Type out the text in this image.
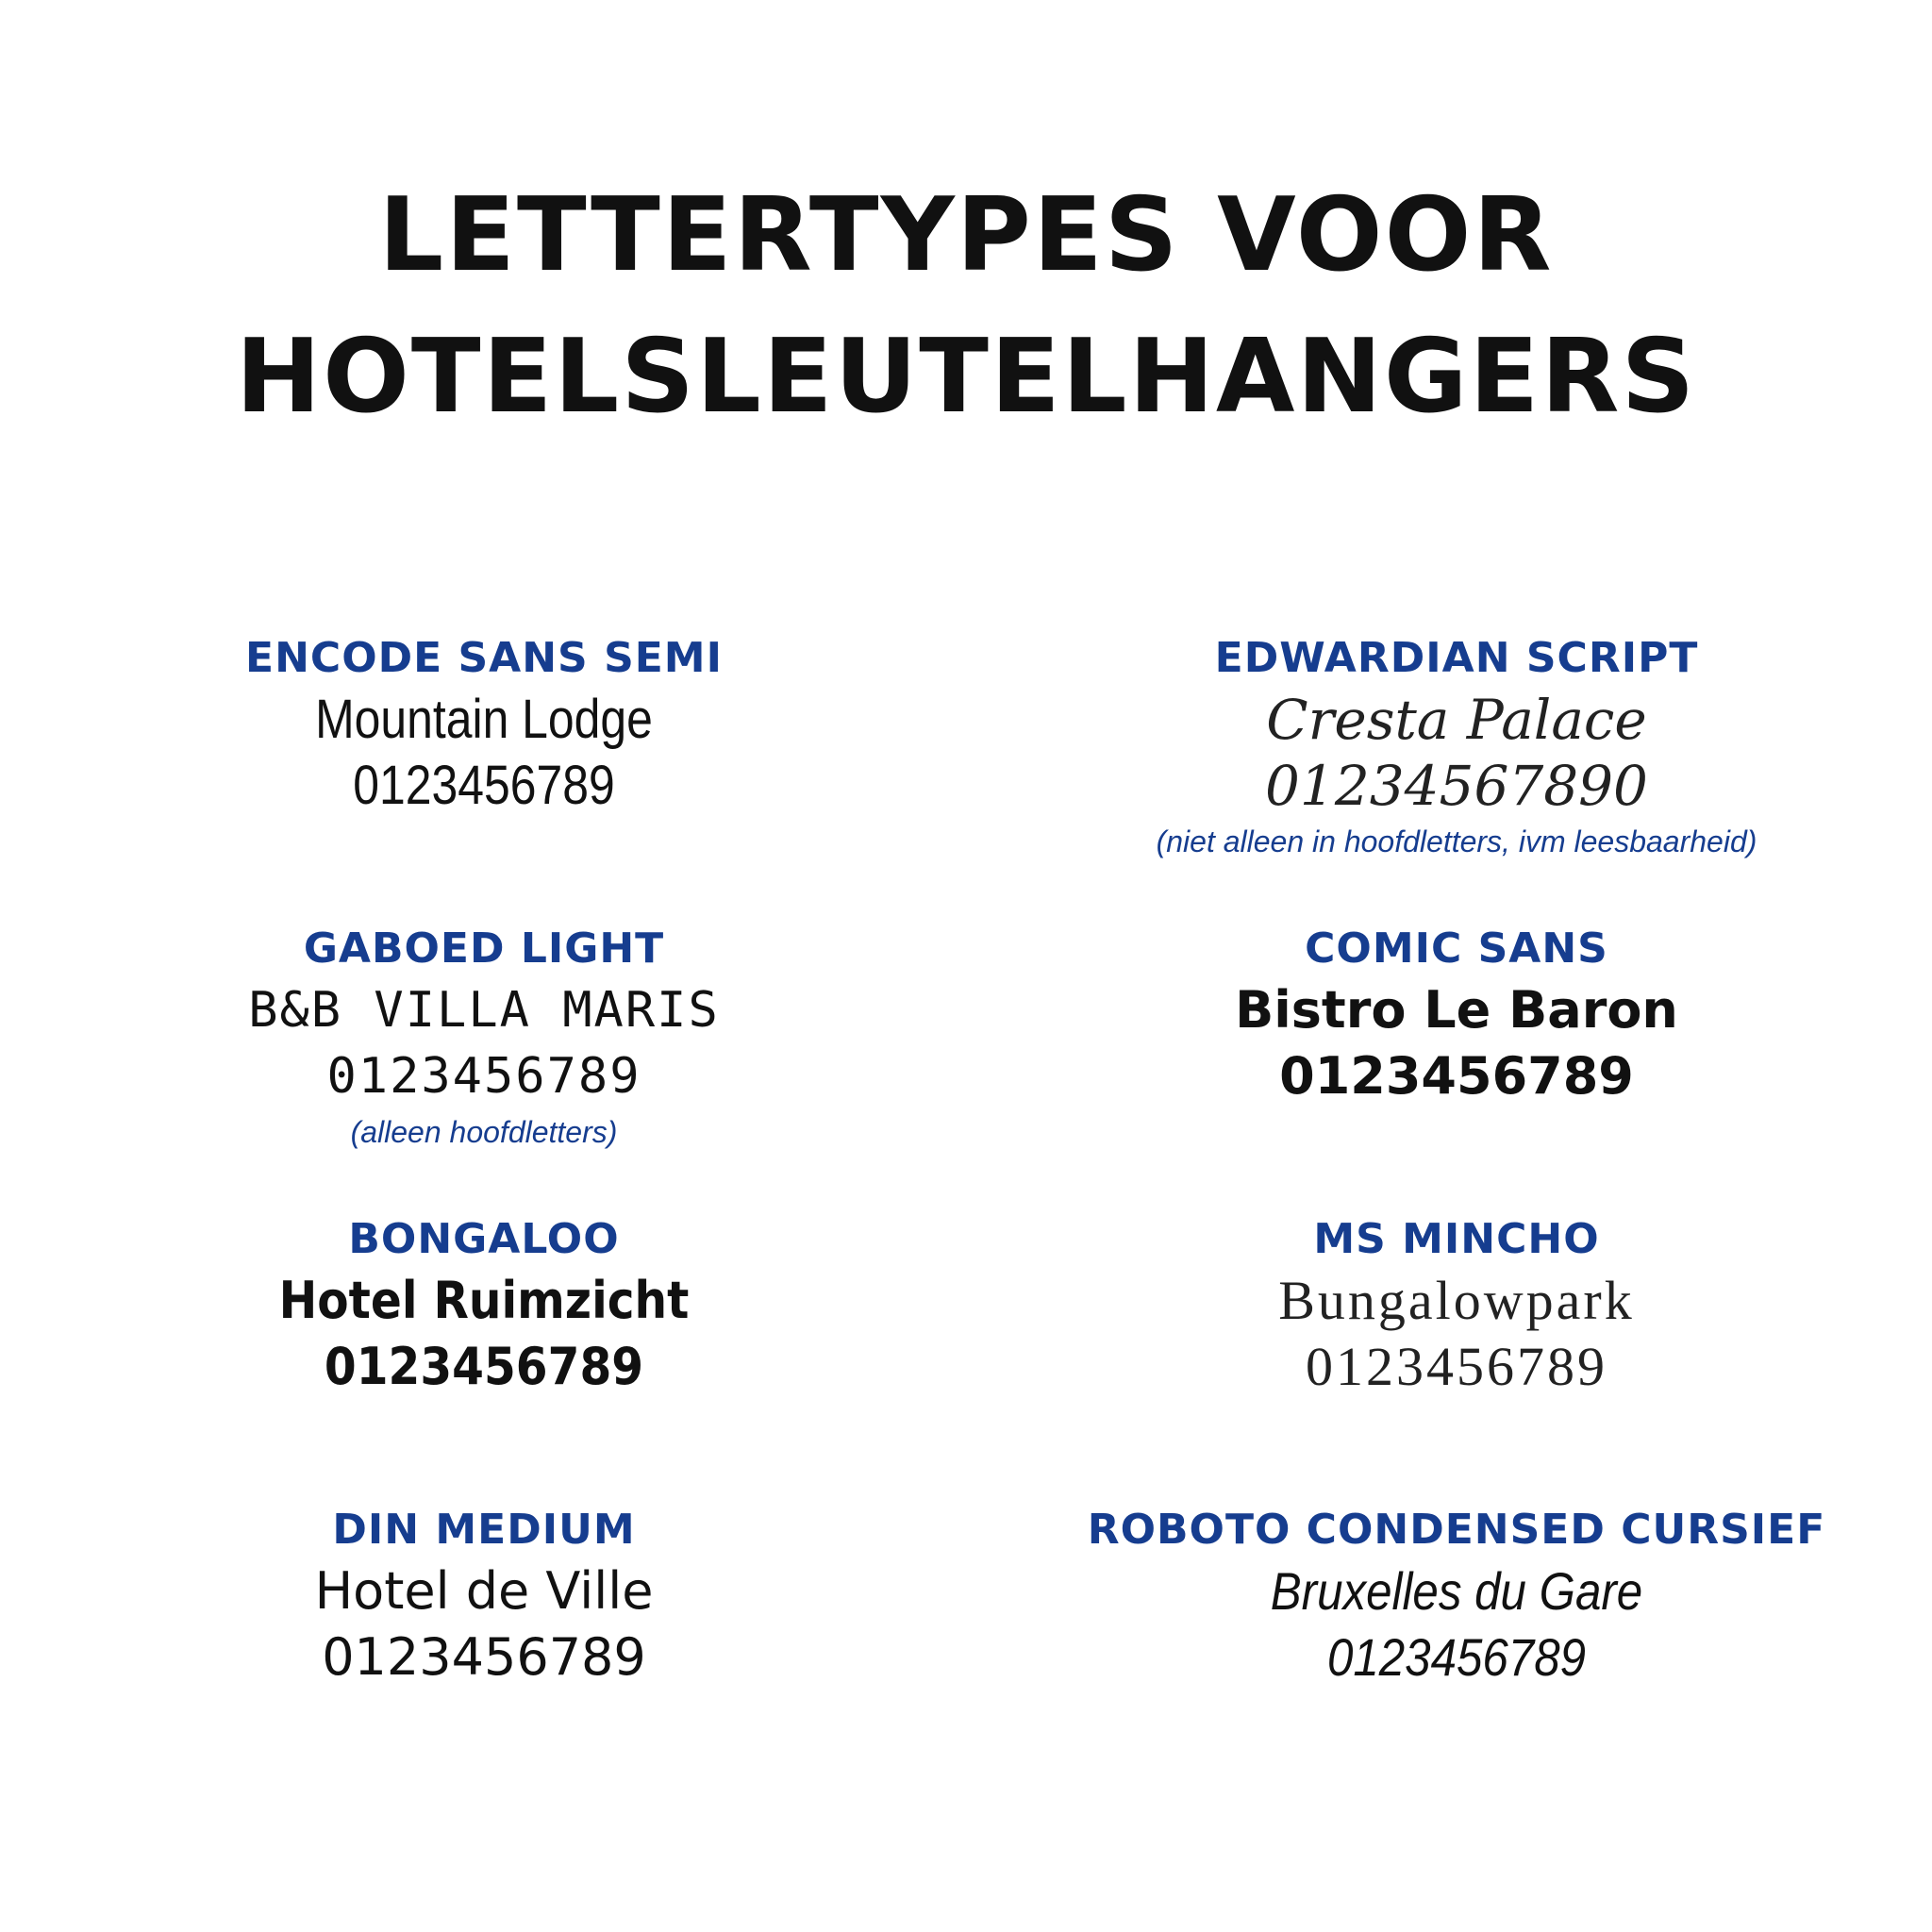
LETTERTYPES VOOR
HOTELSLEUTELHANGERS
ENCODE SANS SEMI
Mountain Lodge
0123456789
EDWARDIAN SCRIPT
Cresta Palace
01234567890
(niet alleen in hoofdletters, ivm leesbaarheid)
GABOED LIGHT
B&B VILLA MARIS
0123456789
(alleen hoofdletters)
COMIC SANS
Bistro Le Baron
0123456789
BONGALOO
Hotel Ruimzicht
0123456789
MS MINCHO
Bungalowpark
0123456789
DIN MEDIUM
Hotel de Ville
0123456789
ROBOTO CONDENSED CURSIEF
Bruxelles du Gare
0123456789
